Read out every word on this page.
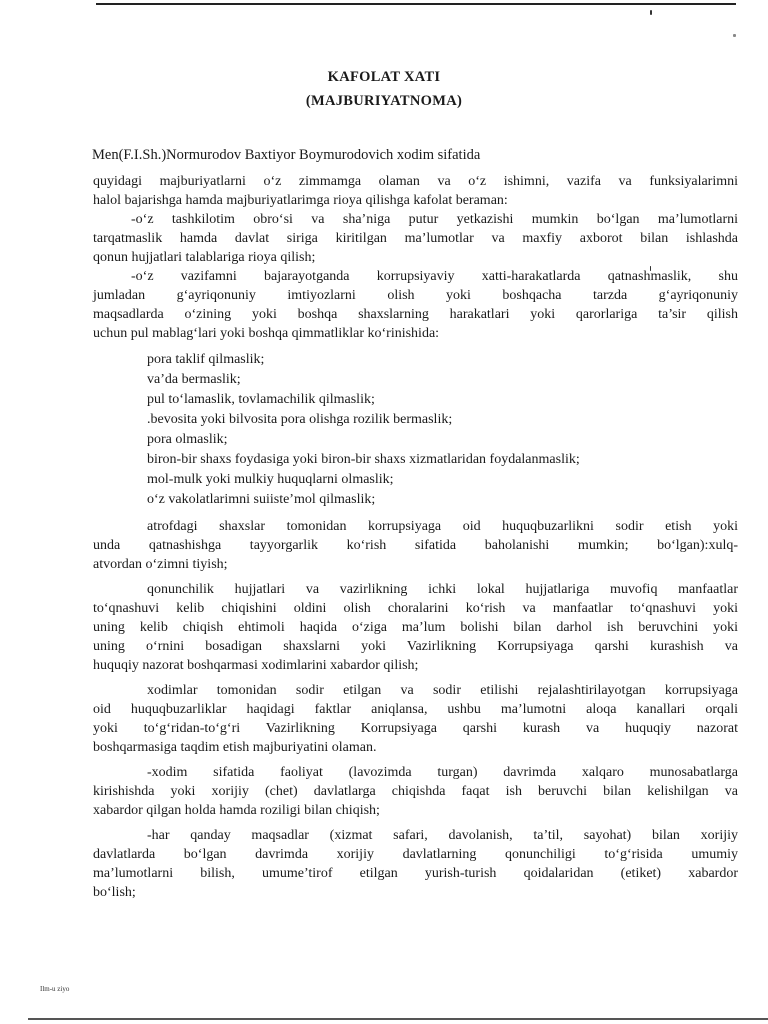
KAFOLAT XATI
(MAJBURIYATNOMA)
Men(F.I.Sh.)Normurodov Baxtiyor Boymurodovich xodim sifatida
quyidagi majburiyatlarni o‘z zimmamga olaman va o‘z ishimni, vazifa va funksiyalarimni
halol bajarishga hamda majburiyatlarimga rioya qilishga kafolat beraman:
-o‘z tashkilotim obro‘si va sha’niga putur yetkazishi mumkin bo‘lgan ma’lumotlarni
tarqatmaslik hamda davlat siriga kiritilgan ma’lumotlar va maxfiy axborot bilan ishlashda
qonun hujjatlari talablariga rioya qilish;
-o‘z vazifamni bajarayotganda korrupsiyaviy xatti-harakatlarda qatnashmaslik, shu
jumladan g‘ayriqonuniy imtiyozlarni olish yoki boshqacha tarzda g‘ayriqonuniy
maqsadlarda o‘zining yoki boshqa shaxslarning harakatlari yoki qarorlariga ta’sir qilish
uchun pul mablag‘lari yoki boshqa qimmatliklar ko‘rinishida:
pora taklif qilmaslik;
va’da bermaslik;
pul to‘lamaslik, tovlamachilik qilmaslik;
.bevosita yoki bilvosita pora olishga rozilik bermaslik;
pora olmaslik;
biron-bir shaxs foydasiga yoki biron-bir shaxs xizmatlaridan foydalanmaslik;
mol-mulk yoki mulkiy huquqlarni olmaslik;
o‘z vakolatlarimni suiiste’mol qilmaslik;
atrofdagi shaxslar tomonidan korrupsiyaga oid huquqbuzarlikni sodir etish yoki
unda qatnashishga tayyorgarlik ko‘rish sifatida baholanishi mumkin; bo‘lgan):xulq-
atvordan o‘zimni tiyish;
qonunchilik hujjatlari va vazirlikning ichki lokal hujjatlariga muvofiq manfaatlar
to‘qnashuvi kelib chiqishini oldini olish choralarini ko‘rish va manfaatlar to‘qnashuvi yoki
uning kelib chiqish ehtimoli haqida o‘ziga ma’lum bolishi bilan darhol ish beruvchini yoki
uning o‘rnini bosadigan shaxslarni yoki Vazirlikning Korrupsiyaga qarshi kurashish va
huquqiy nazorat boshqarmasi xodimlarini xabardor qilish;
xodimlar tomonidan sodir etilgan va sodir etilishi rejalashtirilayotgan korrupsiyaga
oid huquqbuzarliklar haqidagi faktlar aniqlansa, ushbu ma’lumotni aloqa kanallari orqali
yoki to‘g‘ridan-to‘g‘ri Vazirlikning Korrupsiyaga qarshi kurash va huquqiy nazorat
boshqarmasiga taqdim etish majburiyatini olaman.
-xodim sifatida faoliyat (lavozimda turgan) davrimda xalqaro munosabatlarga
kirishishda yoki xorijiy (chet) davlatlarga chiqishda faqat ish beruvchi bilan kelishilgan va
xabardor qilgan holda hamda roziligi bilan chiqish;
-har qanday maqsadlar (xizmat safari, davolanish, ta’til, sayohat) bilan xorijiy
davlatlarda bo‘lgan davrimda xorijiy davlatlarning qonunchiligi to‘g‘risida umumiy
ma’lumotlarni bilish, umume’tirof etilgan yurish-turish qoidalaridan (etiket) xabardor
bo‘lish;
Ilm-u ziyo
